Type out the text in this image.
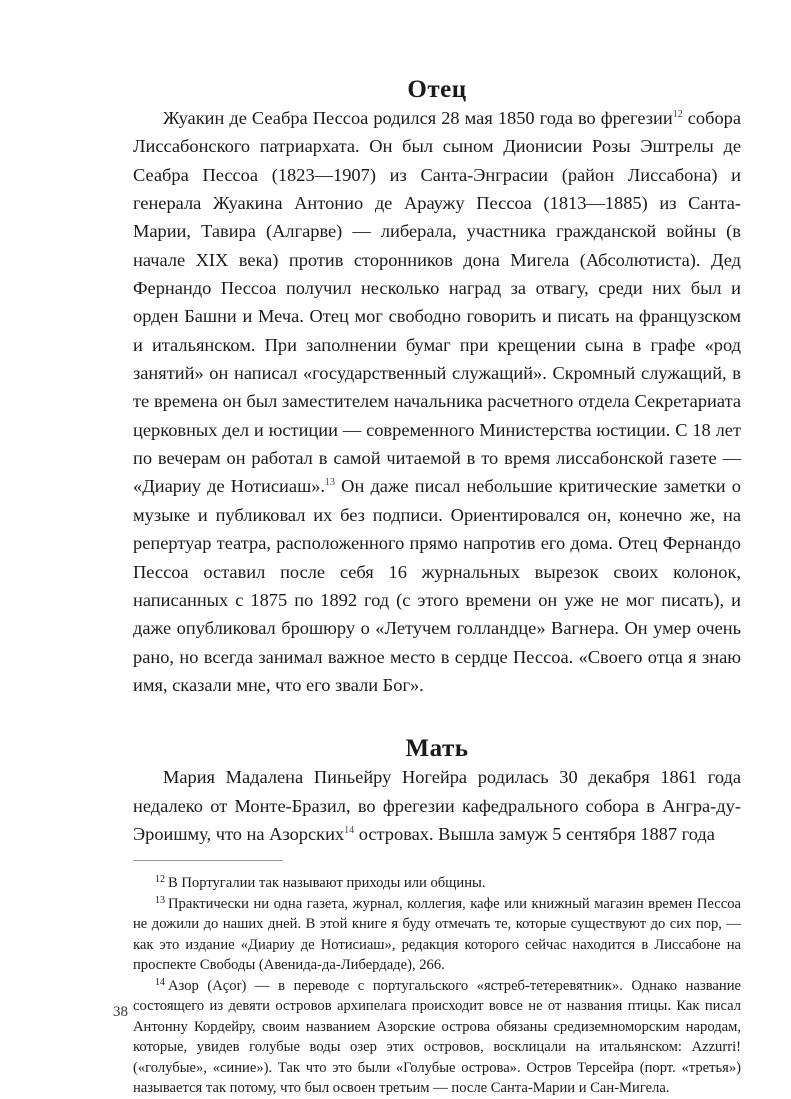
Отец

Жуакин де Сеабра Пессоа родился 28 мая 1850 года во фрегезии$^{12}$ собора Лиссабонского патриархата. Он был сыном Дионисии Розы Эштрелы де Сеабра Пессоа (1823—1907) из Санта-Энграсии (район Лиссабона) и генерала Жуакина Антонио де Араужу Пессоа (1813—1885) из Санта-Марии, Тавира (Алгарве) — либерала, участника гражданской войны (в начале XIX века) против сторонников дона Мигела (Абсолютиста). Дед Фернандо Пессоа получил несколько наград за отвагу, среди них был и орден Башни и Меча. Отец мог свободно говорить и писать на французском и итальянском. При заполнении бумаг при крещении сына в графе «род занятий» он написал «государственный служащий». Скромный служащий, в те времена он был заместителем начальника расчетного отдела Секретариата церковных дел и юстиции — современного Министерства юстиции. С 18 лет по вечерам он работал в самой читаемой в то время лиссабонской газете — «Диариу де Нотисиаш».$^{13}$ Он даже писал небольшие критические заметки о музыке и публиковал их без подписи. Ориентировался он, конечно же, на репертуар театра, расположенного прямо напротив его дома. Отец Фернандо Пессоа оставил после себя 16 журнальных вырезок своих колонок, написанных с 1875 по 1892 год (с этого времени он уже не мог писать), и даже опубликовал брошюру о «Летучем голландце» Вагнера. Он умер очень рано, но всегда занимал важное место в сердце Пессоа. «Своего отца я знаю имя, сказали мне, что его звали Бог».

Мать

Мария Мадалена Пиньейру Ногейра родилась 30 декабря 1861 года недалеко от Монте-Бразил, во фрегезии кафедрального собора в Ангра-ду-Эроишму, что на Азорских$^{14}$ островах. Вышла замуж 5 сентября 1887 года

$^{12}$ В Португалии так называют приходы или общины.

$^{13}$ Практически ни одна газета, журнал, коллегия, кафе или книжный магазин времен Пессоа не дожили до наших дней. В этой книге я буду отмечать те, которые существуют до сих пор, — как это издание «Диариу де Нотисиаш», редакция которого сейчас находится в Лиссабоне на проспекте Свободы (Авенида-да-Либердаде), 266.

$^{14}$ Азор (Açor) — в переводе с португальского «ястреб-тетеревятник». Однако название состоящего из девяти островов архипелага происходит вовсе не от названия птицы. Как писал Антонну Кордейру, своим названием Азорские острова обязаны средиземноморским народам, которые, увидев голубые воды озер этих островов, восклицали на итальянском: Azzurri! («голубые», «синие»). Так что это были «Голубые острова». Остров Терсейра (порт. «третья») называется так потому, что был освоен третьим — после Санта-Марии и Сан-Мигела.

38
